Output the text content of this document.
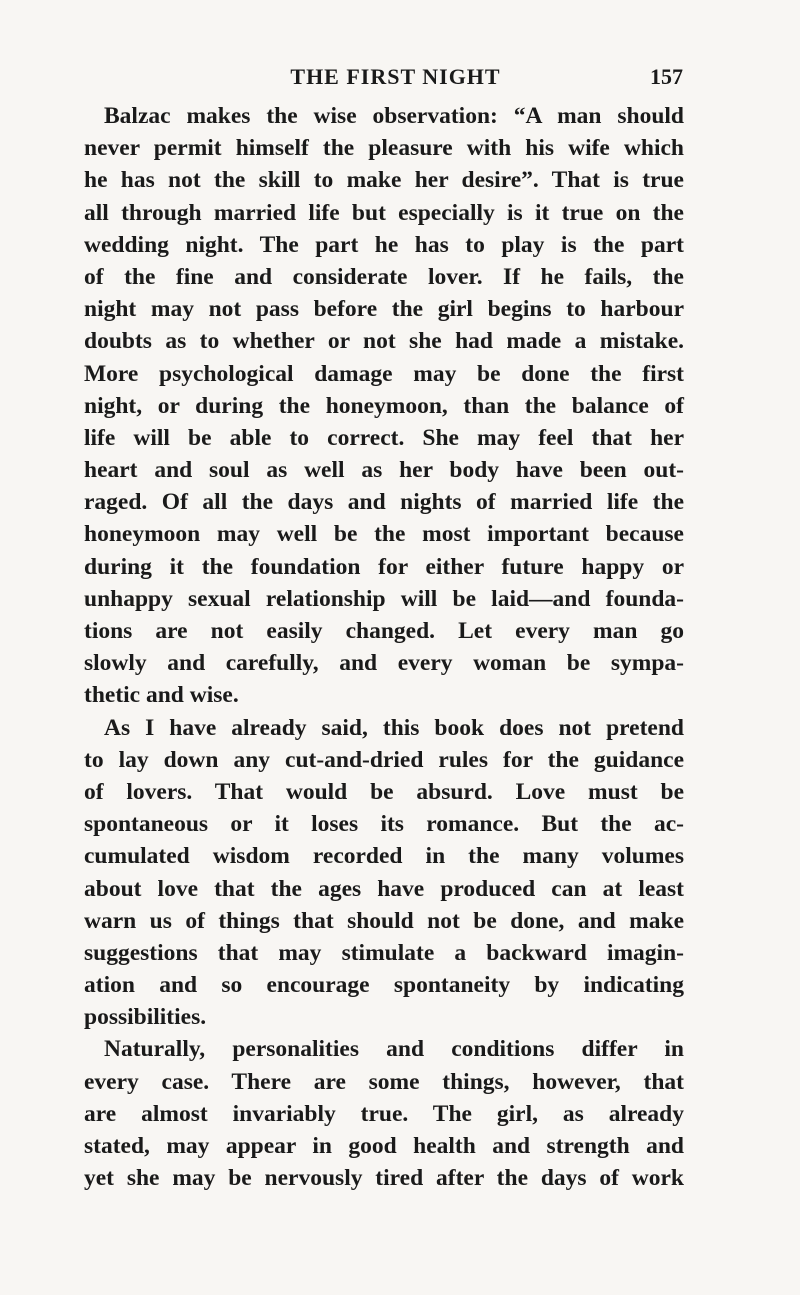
THE FIRST NIGHT	157
Balzac makes the wise observation: “A man should
never permit himself the pleasure with his wife which
he has not the skill to make her desire”. That is true
all through married life but especially is it true on the
wedding night. The part he has to play is the part
of the fine and considerate lover. If he fails, the
night may not pass before the girl begins to harbour
doubts as to whether or not she had made a mistake.
More psychological damage may be done the first
night, or during the honeymoon, than the balance of
life will be able to correct. She may feel that her
heart and soul as well as her body have been out-
raged. Of all the days and nights of married life the
honeymoon may well be the most important because
during it the foundation for either future happy or
unhappy sexual relationship will be laid—and founda-
tions are not easily changed. Let every man go
slowly and carefully, and every woman be sympa-
thetic and wise.
As I have already said, this book does not pretend
to lay down any cut-and-dried rules for the guidance
of lovers. That would be absurd. Love must be
spontaneous or it loses its romance. But the ac-
cumulated wisdom recorded in the many volumes
about love that the ages have produced can at least
warn us of things that should not be done, and make
suggestions that may stimulate a backward imagin-
ation and so encourage spontaneity by indicating
possibilities.
Naturally, personalities and conditions differ in
every case. There are some things, however, that
are almost invariably true. The girl, as already
stated, may appear in good health and strength and
yet she may be nervously tired after the days of work
